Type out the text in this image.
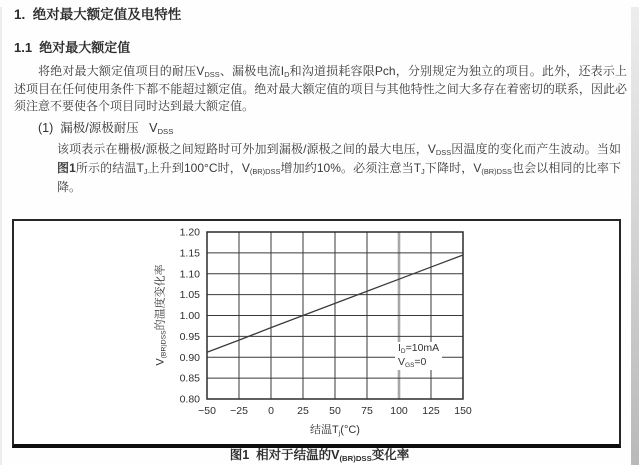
1.  绝对最大额定值及电特性
1.1  绝对最大额定值

将绝对最大额定值项目的耐压$V_{DSS}$、漏极电流$I_D$和沟道损耗容限Pch，分别规定为独立的项目。此外，还表示上述项目在任何使用条件下都不能超过额定值。绝对最大额定值的项目与其他特性之间大多存在着密切的联系，因此必须注意不要使各个项目同时达到最大额定值。

(1)  漏极/源极耐压   $V_{DSS}$

该项表示在栅极/源极之间短路时可外加到漏极/源极之间的最大电压，$V_{DSS}$因温度的变化而产生波动。当如图1所示的结温$T_J$上升到100°C时，$V_{(BR)DSS}$增加约10%。必须注意当$T_J$下降时，$V_{(BR)DSS}$也会以相同的比率下降。

−50 −25 0 25 50 75 100 125 150
0.80
0.85
0.90
0.95
1.00
1.05
1.10
1.15
1.20
$V_{(BR)DSS}$的温度变化率
结温$T_j(^\circ C)$
$I_D=10mA$
$V_{GS}=0$
图1  相对于结温的$V_{(BR)DSS}$变化率
